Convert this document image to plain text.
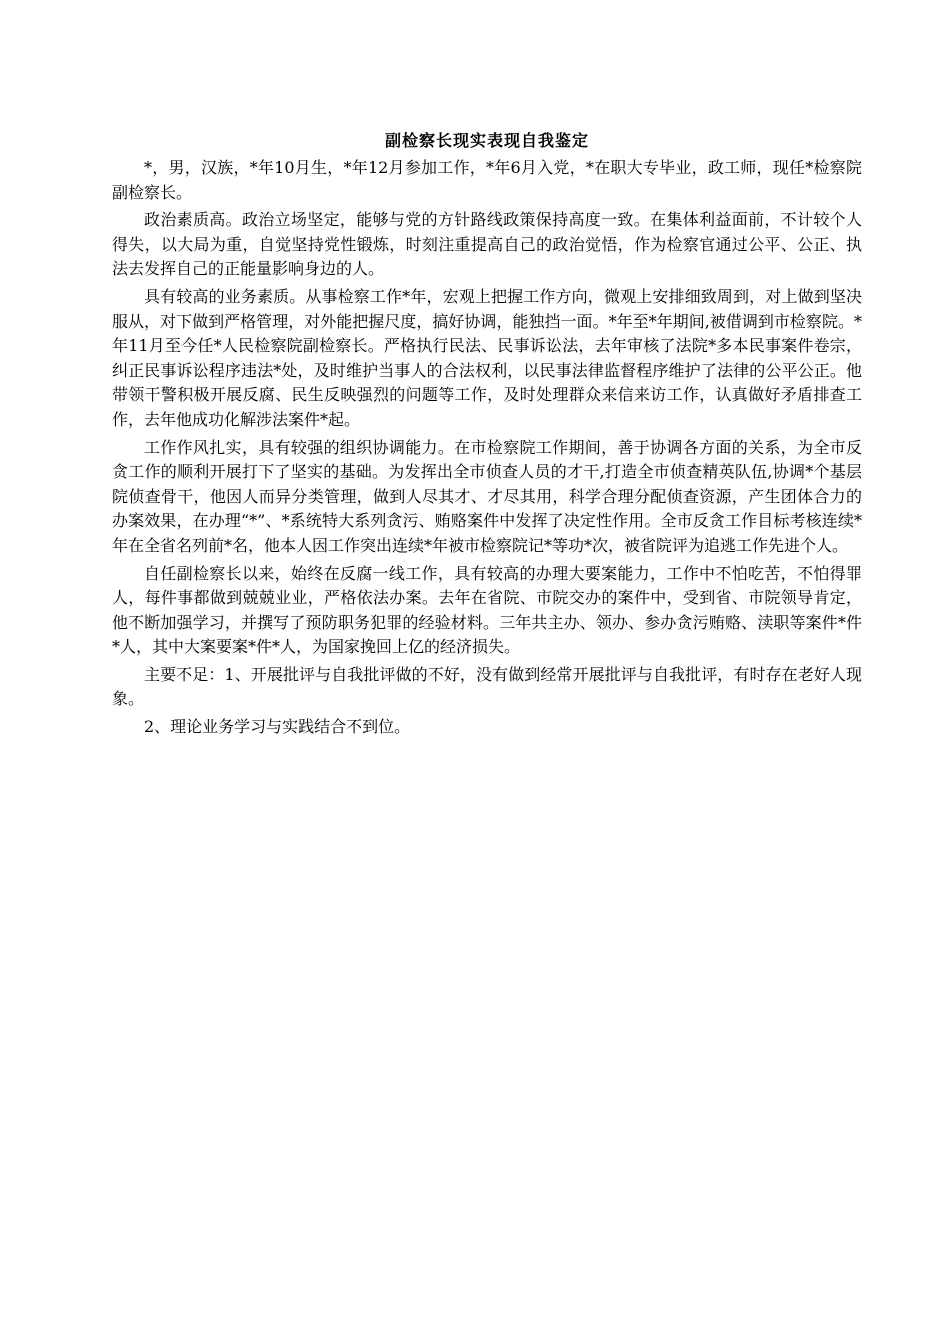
副检察长现实表现自我鉴定

*，男，汉族，*年10月生，*年12月参加工作，*年6月入党，*在职大专毕业，政工师，现任*检察院副检察长。

政治素质高。政治立场坚定，能够与党的方针路线政策保持高度一致。在集体利益面前，不计较个人得失，以大局为重，自觉坚持党性锻炼，时刻注重提高自己的政治觉悟，作为检察官通过公平、公正、执法去发挥自己的正能量影响身边的人。

具有较高的业务素质。从事检察工作*年，宏观上把握工作方向，微观上安排细致周到，对上做到坚决服从，对下做到严格管理，对外能把握尺度，搞好协调，能独挡一面。*年至*年期间,被借调到市检察院。*年11月至今任*人民检察院副检察长。严格执行民法、民事诉讼法，去年审核了法院*多本民事案件卷宗，纠正民事诉讼程序违法*处，及时维护当事人的合法权利，以民事法律监督程序维护了法律的公平公正。他带领干警积极开展反腐、民生反映强烈的问题等工作，及时处理群众来信来访工作，认真做好矛盾排查工作，去年他成功化解涉法案件*起。

工作作风扎实，具有较强的组织协调能力。在市检察院工作期间，善于协调各方面的关系，为全市反贪工作的顺利开展打下了坚实的基础。为发挥出全市侦查人员的才干,打造全市侦查精英队伍,协调*个基层院侦查骨干，他因人而异分类管理，做到人尽其才、才尽其用，科学合理分配侦查资源，产生团体合力的办案效果，在办理“*”、*系统特大系列贪污、贿赂案件中发挥了决定性作用。全市反贪工作目标考核连续*年在全省名列前*名，他本人因工作突出连续*年被市检察院记*等功*次，被省院评为追逃工作先进个人。

自任副检察长以来，始终在反腐一线工作，具有较高的办理大要案能力，工作中不怕吃苦，不怕得罪人，每件事都做到兢兢业业，严格依法办案。去年在省院、市院交办的案件中，受到省、市院领导肯定，他不断加强学习，并撰写了预防职务犯罪的经验材料。三年共主办、领办、参办贪污贿赂、渎职等案件*件*人，其中大案要案*件*人，为国家挽回上亿的经济损失。

主要不足：1、开展批评与自我批评做的不好，没有做到经常开展批评与自我批评，有时存在老好人现象。

2、理论业务学习与实践结合不到位。
